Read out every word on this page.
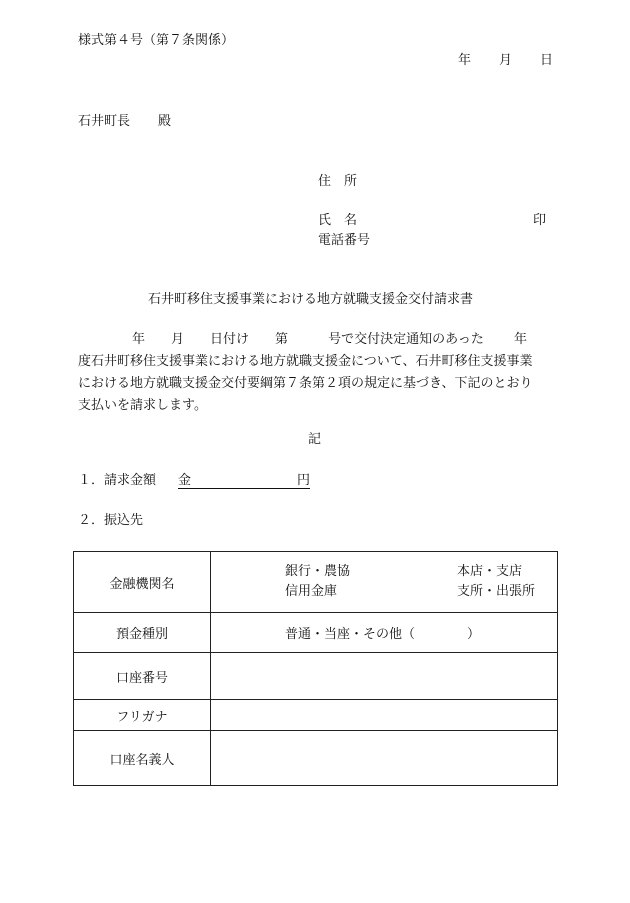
様式第４号（第７条関係）
年 月 日
石井町長 殿
住　所
氏　名	印
電話番号
石井町移住支援事業における地方就職支援金交付請求書
年 月 日付け 第	号で交付決定通知のあった 年
度石井町移住支援事業における地方就職支援金について、石井町移住支援事業
における地方就職支援金交付要綱第７条第２項の規定に基づき、下記のとおり
支払いを請求します。
記
１．請求金額 金	円
２．振込先
金融機関名	銀行・農協
信用金庫
本店・支店
支所・出張所

預金種別	普通・当座・その他（　　　　）

口座番号	
フリガナ	
口座名義人	
